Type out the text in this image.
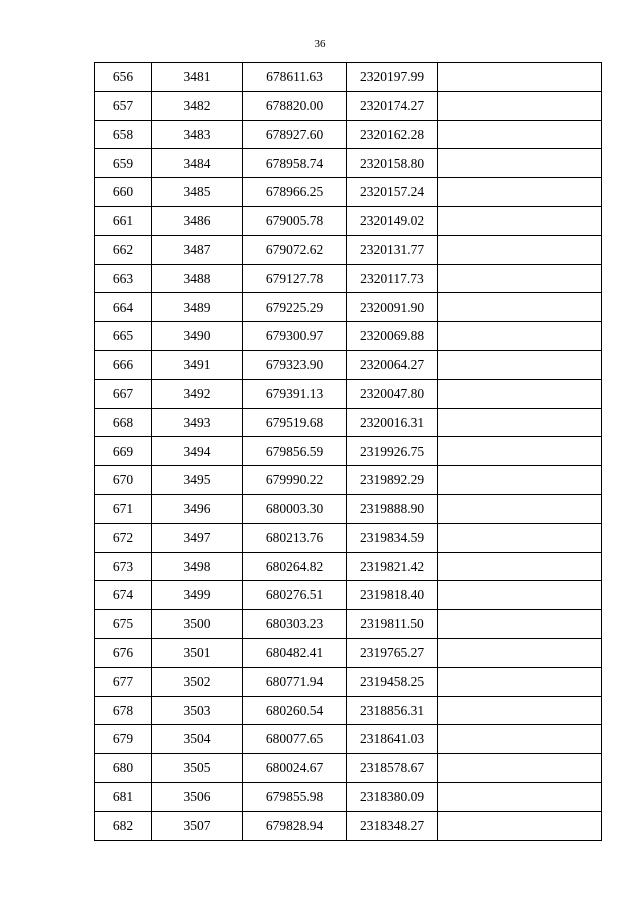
36
656	3481	678611.63	2320197.99	
657	3482	678820.00	2320174.27	
658	3483	678927.60	2320162.28	
659	3484	678958.74	2320158.80	
660	3485	678966.25	2320157.24	
661	3486	679005.78	2320149.02	
662	3487	679072.62	2320131.77	
663	3488	679127.78	2320117.73	
664	3489	679225.29	2320091.90	
665	3490	679300.97	2320069.88	
666	3491	679323.90	2320064.27	
667	3492	679391.13	2320047.80	
668	3493	679519.68	2320016.31	
669	3494	679856.59	2319926.75	
670	3495	679990.22	2319892.29	
671	3496	680003.30	2319888.90	
672	3497	680213.76	2319834.59	
673	3498	680264.82	2319821.42	
674	3499	680276.51	2319818.40	
675	3500	680303.23	2319811.50	
676	3501	680482.41	2319765.27	
677	3502	680771.94	2319458.25	
678	3503	680260.54	2318856.31	
679	3504	680077.65	2318641.03	
680	3505	680024.67	2318578.67	
681	3506	679855.98	2318380.09	
682	3507	679828.94	2318348.27	
